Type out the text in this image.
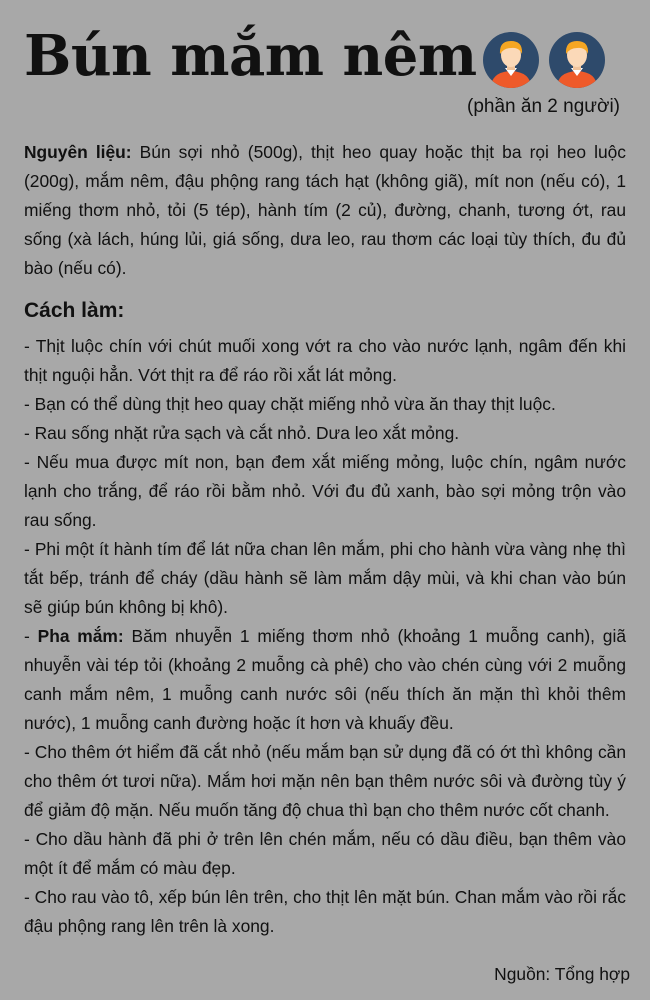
Bún mắm nêm
(phần ăn 2 người)

Nguyên liệu: Bún sợi nhỏ (500g), thịt heo quay hoặc thịt ba rọi heo luộc (200g), mắm nêm, đậu phộng rang tách hạt (không giã), mít non (nếu có), 1 miếng thơm nhỏ, tỏi (5 tép), hành tím (2 củ), đường, chanh, tương ớt, rau sống (xà lách, húng lủi, giá sống, dưa leo, rau thơm các loại tùy thích, đu đủ bào (nếu có).

Cách làm:

- Thịt luộc chín với chút muối xong vớt ra cho vào nước lạnh, ngâm đến khi thịt nguội hẳn. Vớt thịt ra để ráo rồi xắt lát mỏng.

- Bạn có thể dùng thịt heo quay chặt miếng nhỏ vừa ăn thay thịt luộc.

- Rau sống nhặt rửa sạch và cắt nhỏ. Dưa leo xắt mỏng.

- Nếu mua được mít non, bạn đem xắt miếng mỏng, luộc chín, ngâm nước lạnh cho trắng, để ráo rồi bằm nhỏ. Với đu đủ xanh, bào sợi mỏng trộn vào rau sống.

- Phi một ít hành tím để lát nữa chan lên mắm, phi cho hành vừa vàng nhẹ thì tắt bếp, tránh để cháy (dầu hành sẽ làm mắm dậy mùi, và khi chan vào bún sẽ giúp bún không bị khô).

- Pha mắm: Băm nhuyễn 1 miếng thơm nhỏ (khoảng 1 muỗng canh), giã nhuyễn vài tép tỏi (khoảng 2 muỗng cà phê) cho vào chén cùng với 2 muỗng canh mắm nêm, 1 muỗng canh nước sôi (nếu thích ăn mặn thì khỏi thêm nước), 1 muỗng canh đường hoặc ít hơn và khuấy đều.

- Cho thêm ớt hiểm đã cắt nhỏ (nếu mắm bạn sử dụng đã có ớt thì không cần cho thêm ớt tươi nữa). Mắm hơi mặn nên bạn thêm nước sôi và đường tùy ý để giảm độ mặn. Nếu muốn tăng độ chua thì bạn cho thêm nước cốt chanh.

- Cho dầu hành đã phi ở trên lên chén mắm, nếu có dầu điều, bạn thêm vào một ít để mắm có màu đẹp.

- Cho rau vào tô, xếp bún lên trên, cho thịt lên mặt bún. Chan mắm vào rồi rắc đậu phộng rang lên trên là xong.

Nguồn: Tổng hợp
